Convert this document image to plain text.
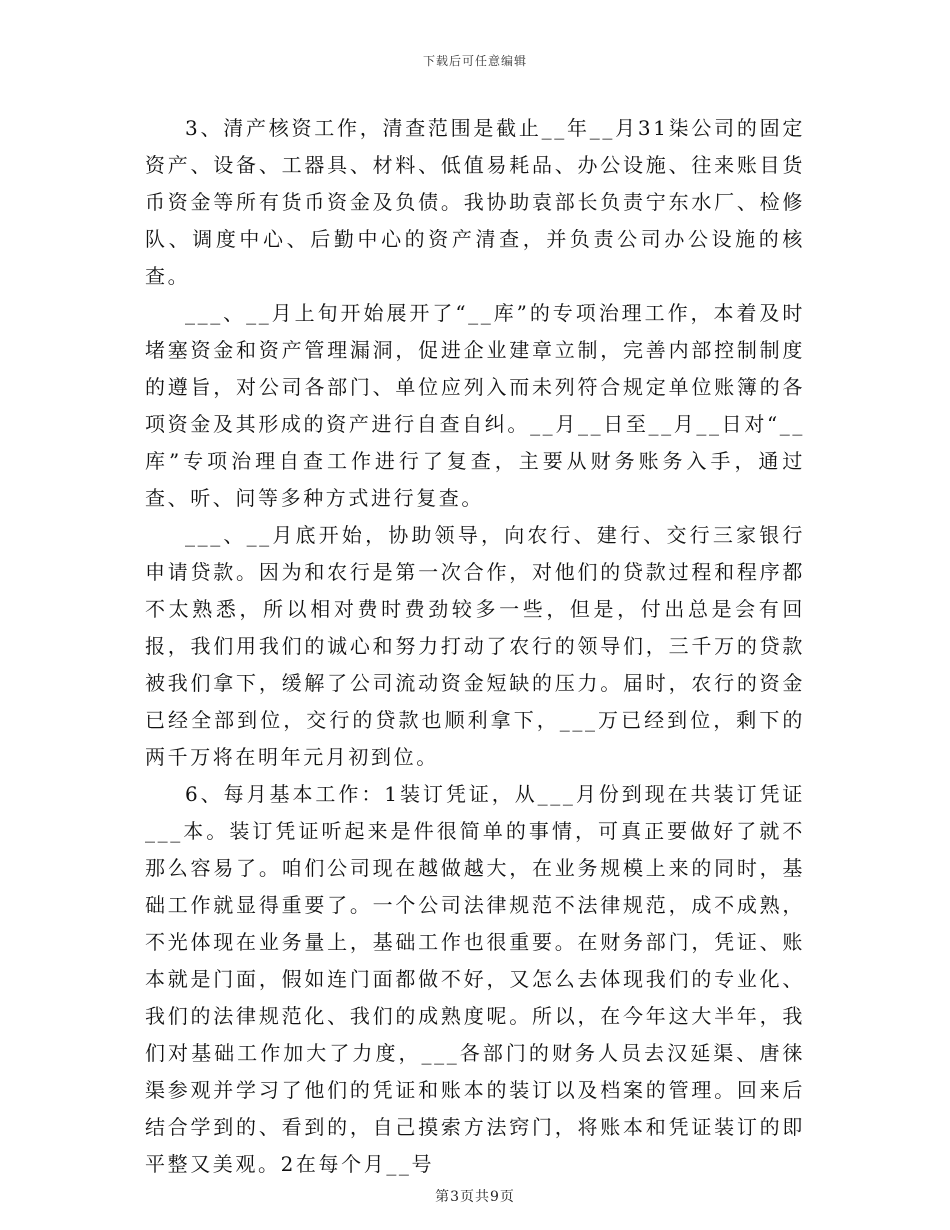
下载后可任意编辑

3、清产核资工作，清查范围是截止__年__月31柒公司的固定资产、设备、工器具、材料、低值易耗品、办公设施、往来账目货币资金等所有货币资金及负债。我协助袁部长负责宁东水厂、检修队、调度中心、后勤中心的资产清查，并负责公司办公设施的核查。

___、__月上旬开始展开了“__库”的专项治理工作，本着及时堵塞资金和资产管理漏洞，促进企业建章立制，完善内部控制制度的遵旨，对公司各部门、单位应列入而未列符合规定单位账簿的各项资金及其形成的资产进行自查自纠。__月__日至__月__日对“__库”专项治理自查工作进行了复查，主要从财务账务入手，通过查、听、问等多种方式进行复查。

___、__月底开始，协助领导，向农行、建行、交行三家银行申请贷款。因为和农行是第一次合作，对他们的贷款过程和程序都不太熟悉，所以相对费时费劲较多一些，但是，付出总是会有回报，我们用我们的诚心和努力打动了农行的领导们，三千万的贷款被我们拿下，缓解了公司流动资金短缺的压力。届时，农行的资金已经全部到位，交行的贷款也顺利拿下，___万已经到位，剩下的两千万将在明年元月初到位。

6、每月基本工作：1装订凭证，从___月份到现在共装订凭证___本。装订凭证听起来是件很简单的事情，可真正要做好了就不那么容易了。咱们公司现在越做越大，在业务规模上来的同时，基础工作就显得重要了。一个公司法律规范不法律规范，成不成熟，不光体现在业务量上，基础工作也很重要。在财务部门，凭证、账本就是门面，假如连门面都做不好，又怎么去体现我们的专业化、我们的法律规范化、我们的成熟度呢。所以，在今年这大半年，我们对基础工作加大了力度，___各部门的财务人员去汉延渠、唐徕渠参观并学习了他们的凭证和账本的装订以及档案的管理。回来后结合学到的、看到的，自己摸索方法窍门，将账本和凭证装订的即平整又美观。2在每个月__号

第3页共9页
